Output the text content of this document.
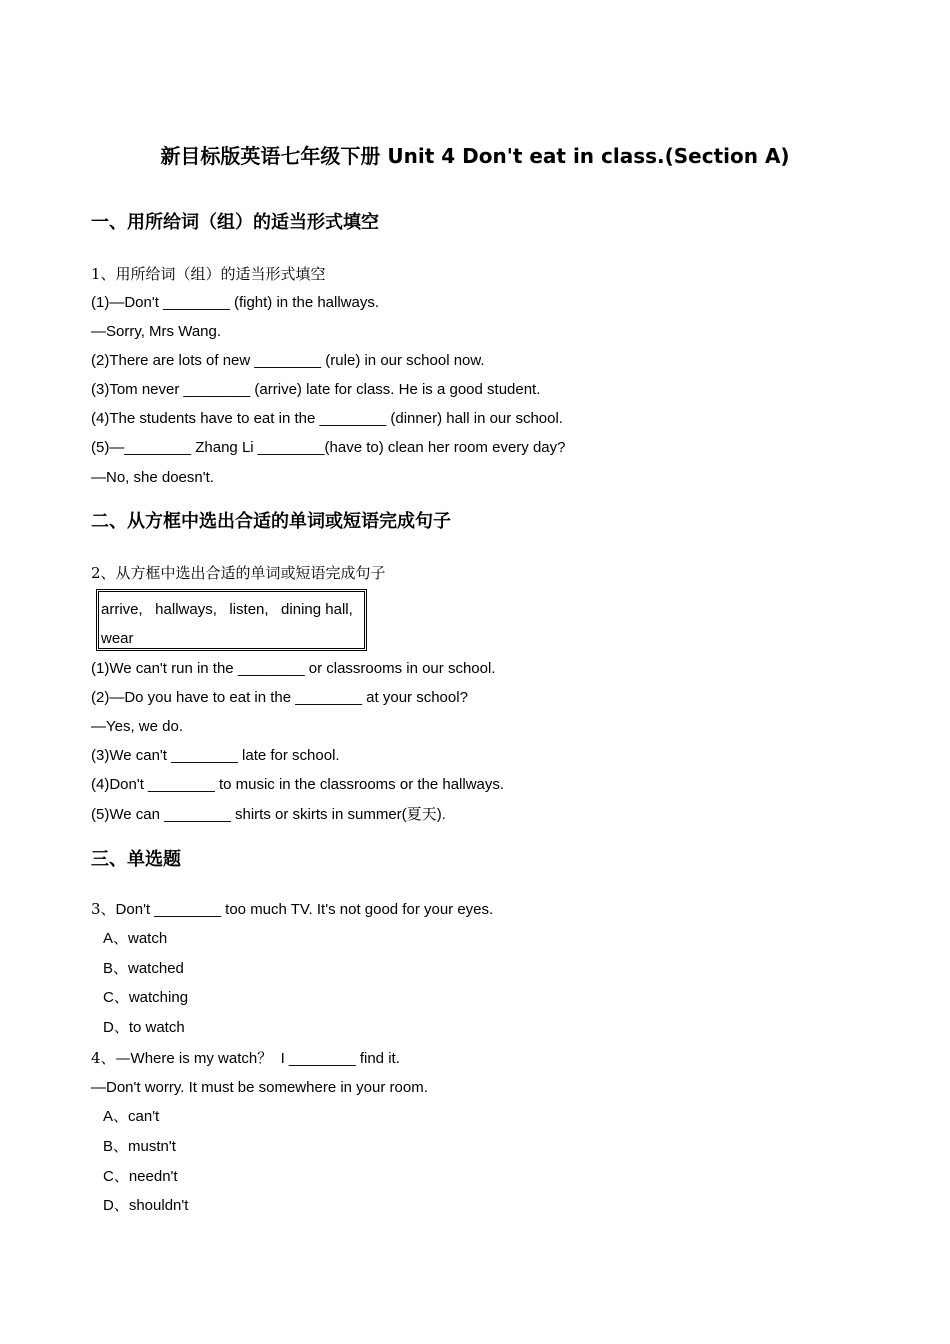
新目标版英语七年级下册 Unit 4 Don't eat in class.(Section A)
一、用所给词（组）的适当形式填空
1、用所给词（组）的适当形式填空
(1)—Don't ________ (fight) in the hallways.
—Sorry, Mrs Wang.
(2)There are lots of new ________ (rule) in our school now.
(3)Tom never ________ (arrive) late for class. He is a good student.
(4)The students have to eat in the ________ (dinner) hall in our school.
(5)—________ Zhang Li ________(have to) clean her room every day?
—No, she doesn't.
二、从方框中选出合适的单词或短语完成句子
2、从方框中选出合适的单词或短语完成句子
arrive,   hallways,   listen,   dining hall,
wear
(1)We can't run in the ________ or classrooms in our school.
(2)—Do you have to eat in the ________ at your school?
—Yes, we do.
(3)We can't ________ late for school.
(4)Don't ________ to music in the classrooms or the hallways.
(5)We can ________ shirts or skirts in summer(夏天).
三、单选题
3、Don't ________ too much TV. It's not good for your eyes.
A、watch
B、watched
C、watching
D、to watch
4、—Where is my watch？  I ________ find it.
—Don't worry. It must be somewhere in your room.
A、can't
B、mustn't
C、needn't
D、shouldn't
